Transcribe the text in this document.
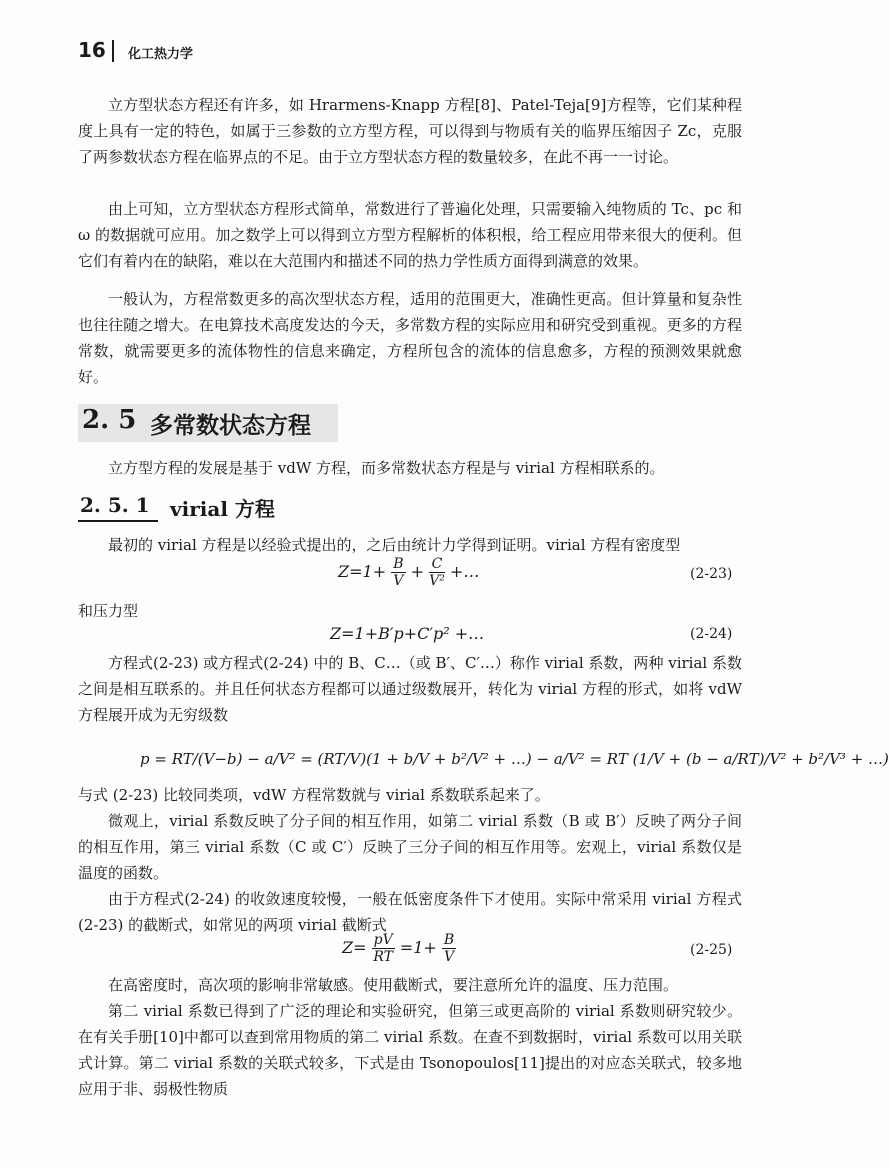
16 化工热力学
立方型状态方程还有许多，如 Hrarmens-Knapp 方程[8]、Patel-Teja[9]方程等，它们某种程度上具有一定的特色，如属于三参数的立方型方程，可以得到与物质有关的临界压缩因子 Zc，克服了两参数状态方程在临界点的不足。由于立方型状态方程的数量较多，在此不再一一讨论。
由上可知，立方型状态方程形式简单，常数进行了普遍化处理，只需要输入纯物质的 Tc、pc 和 ω 的数据就可应用。加之数学上可以得到立方型方程解析的体积根，给工程应用带来很大的便利。但它们有着内在的缺陷，难以在大范围内和描述不同的热力学性质方面得到满意的效果。
一般认为，方程常数更多的高次型状态方程，适用的范围更大，准确性更高。但计算量和复杂性也往往随之增大。在电算技术高度发达的今天，多常数方程的实际应用和研究受到重视。更多的方程常数，就需要更多的流体物性的信息来确定，方程所包含的流体的信息愈多，方程的预测效果就愈好。
2. 5 多常数状态方程
立方型方程的发展是基于 vdW 方程，而多常数状态方程是与 virial 方程相联系的。
2. 5. 1 virial 方程
最初的 virial 方程是以经验式提出的，之后由统计力学得到证明。virial 方程有密度型
$Z=1+ \frac{B}{V} + \frac{C}{\text{V²}}$ +…	(2-23)
和压力型
Z=1+B′p+C′p² +…	(2-24)
方程式(2-23) 或方程式(2-24) 中的 B、C…（或 B′、C′…）称作 virial 系数，两种 virial 系数之间是相互联系的。并且任何状态方程都可以通过级数展开，转化为 virial 方程的形式，如将 vdW 方程展开成为无穷级数
p = RT/(V−b) − a/V² = (RT/V)(1 + b/V + b²/V² + …) − a/V² = RT (1/V + (b − a/RT)/V² + b²/V³ + …)
与式 (2-23) 比较同类项，vdW 方程常数就与 virial 系数联系起来了。
微观上，virial 系数反映了分子间的相互作用，如第二 virial 系数（B 或 B′）反映了两分子间的相互作用，第三 virial 系数（C 或 C′）反映了三分子间的相互作用等。宏观上，virial 系数仅是温度的函数。
由于方程式(2-24) 的收敛速度较慢，一般在低密度条件下才使用。实际中常采用 virial 方程式(2-23) 的截断式，如常见的两项 virial 截断式
$Z= \frac{pV}{RT} =1+ \frac{B}{V}$	(2-25)
在高密度时，高次项的影响非常敏感。使用截断式，要注意所允许的温度、压力范围。
第二 virial 系数已得到了广泛的理论和实验研究，但第三或更高阶的 virial 系数则研究较少。在有关手册[10]中都可以查到常用物质的第二 virial 系数。在查不到数据时，virial 系数可以用关联式计算。第二 virial 系数的关联式较多，下式是由 Tsonopoulos[11]提出的对应态关联式，较多地应用于非、弱极性物质
